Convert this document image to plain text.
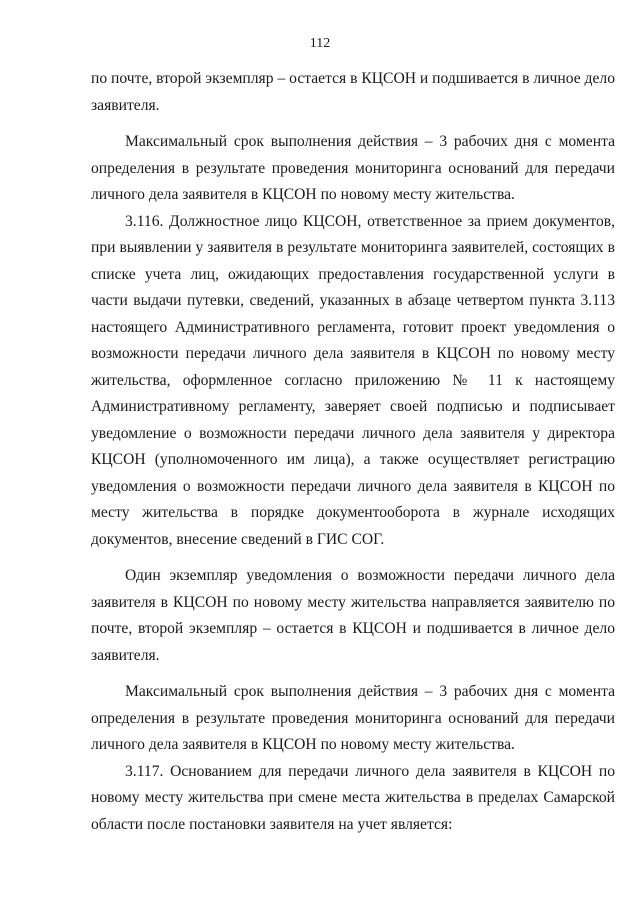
112

по почте, второй экземпляр – остается в КЦСОН и подшивается в личное дело заявителя.

Максимальный срок выполнения действия – 3 рабочих дня с момента определения в результате проведения мониторинга оснований для передачи личного дела заявителя в КЦСОН по новому месту жительства.

3.116. Должностное лицо КЦСОН, ответственное за прием документов, при выявлении у заявителя в результате мониторинга заявителей, состоящих в списке учета лиц, ожидающих предоставления государственной услуги в части выдачи путевки, сведений, указанных в абзаце четвертом пункта 3.113 настоящего Административного регламента, готовит проект уведомления о возможности передачи личного дела заявителя в КЦСОН по новому месту жительства, оформленное согласно приложению № 11 к настоящему Административному регламенту, заверяет своей подписью и подписывает уведомление о возможности передачи личного дела заявителя у директора КЦСОН (уполномоченного им лица), а также осуществляет регистрацию уведомления о возможности передачи личного дела заявителя в КЦСОН по месту жительства в порядке документооборота в журнале исходящих документов, внесение сведений в ГИС СОГ.

Один экземпляр уведомления о возможности передачи личного дела заявителя в КЦСОН по новому месту жительства направляется заявителю по почте, второй экземпляр – остается в КЦСОН и подшивается в личное дело заявителя.

Максимальный срок выполнения действия – 3 рабочих дня с момента определения в результате проведения мониторинга оснований для передачи личного дела заявителя в КЦСОН по новому месту жительства.

3.117. Основанием для передачи личного дела заявителя в КЦСОН по новому месту жительства при смене места жительства в пределах Самарской области после постановки заявителя на учет является:
